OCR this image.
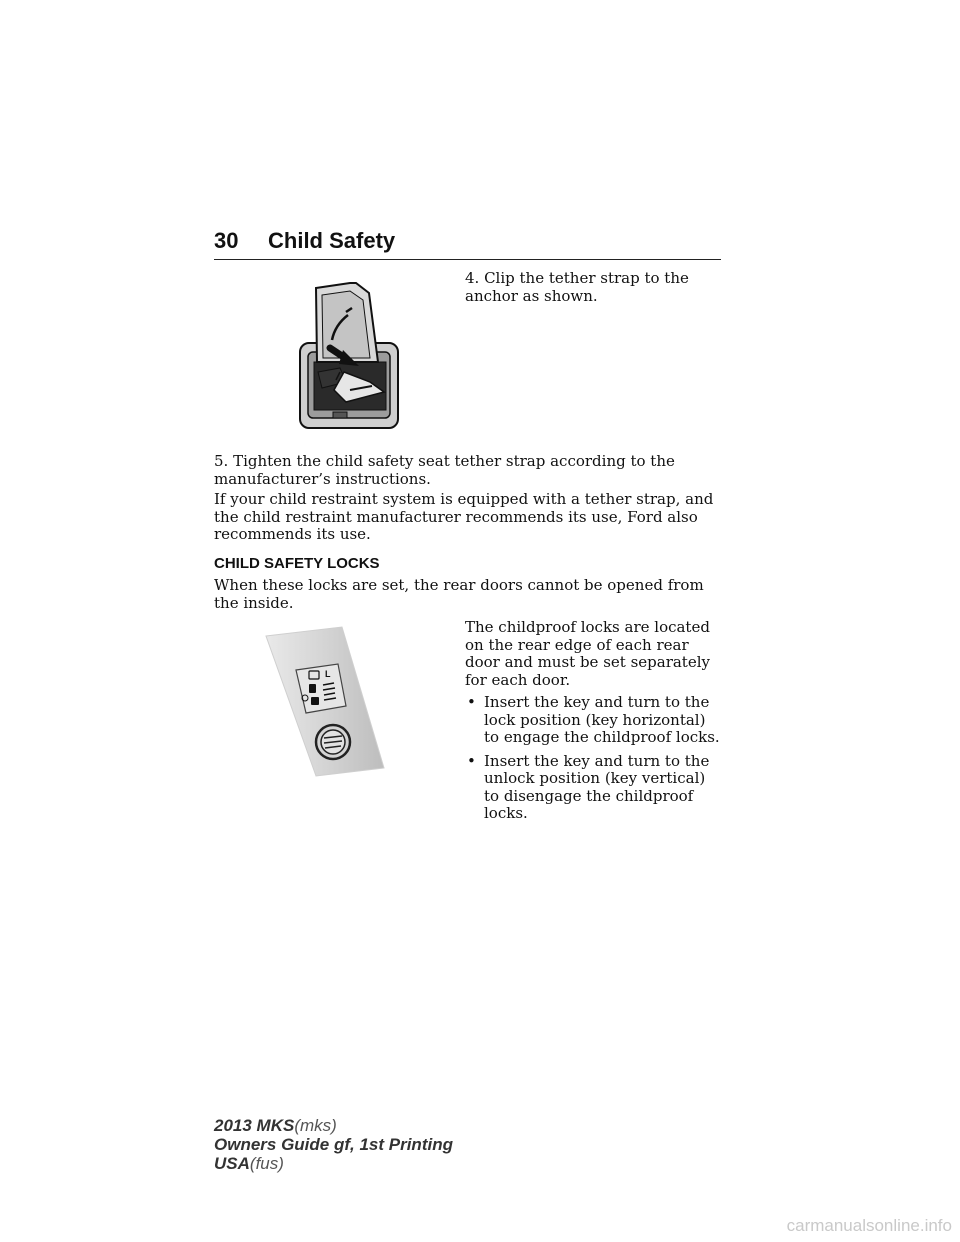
30 Child Safety
4. Clip the tether strap to the anchor as shown.
5. Tighten the child safety seat tether strap according to the manufacturer’s instructions.
If your child restraint system is equipped with a tether strap, and the child restraint manufacturer recommends its use, Ford also recommends its use.
CHILD SAFETY LOCKS
When these locks are set, the rear doors cannot be opened from the inside.
L
The childproof locks are located on the rear edge of each rear door and must be set separately for each door.
• Insert the key and turn to the lock position (key horizontal) to engage the childproof locks.
• Insert the key and turn to the unlock position (key vertical) to disengage the childproof locks.
2013 MKS(mks)
Owners Guide gf, 1st Printing
USA(fus)
carmanualsonline.info
